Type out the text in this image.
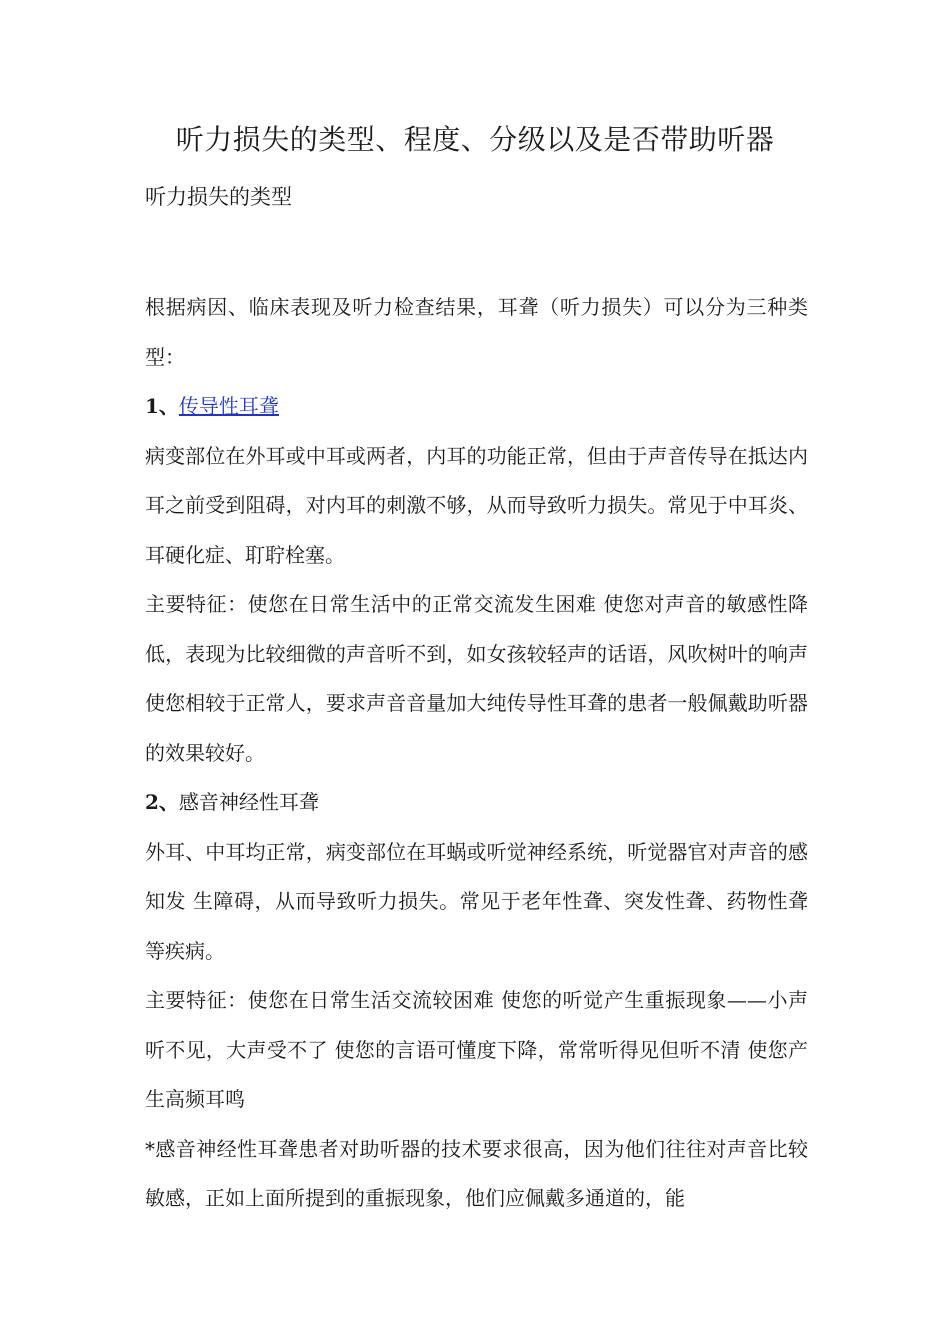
听力损失的类型、程度、分级以及是否带助听器
听力损失的类型

根据病因、临床表现及听力检查结果，耳聋（听力损失）可以分为三种类型：

1、传导性耳聋

病变部位在外耳或中耳或两者，内耳的功能正常，但由于声音传导在抵达内耳之前受到阻碍，对内耳的刺激不够，从而导致听力损失。常见于中耳炎、耳硬化症、耵聍栓塞。

主要特征：使您在日常生活中的正常交流发生困难 使您对声音的敏感性降低，表现为比较细微的声音听不到，如女孩较轻声的话语，风吹树叶的响声 使您相较于正常人，要求声音音量加大纯传导性耳聋的患者一般佩戴助听器的效果较好。

2、感音神经性耳聋

外耳、中耳均正常，病变部位在耳蜗或听觉神经系统，听觉器官对声音的感知发 生障碍，从而导致听力损失。常见于老年性聋、突发性聋、药物性聋等疾病。

主要特征：使您在日常生活交流较困难 使您的听觉产生重振现象——小声听不见，大声受不了 使您的言语可懂度下降，常常听得见但听不清 使您产生高频耳鸣

*感音神经性耳聋患者对助听器的技术要求很高，因为他们往往对声音比较敏感，正如上面所提到的重振现象，他们应佩戴多通道的，能
